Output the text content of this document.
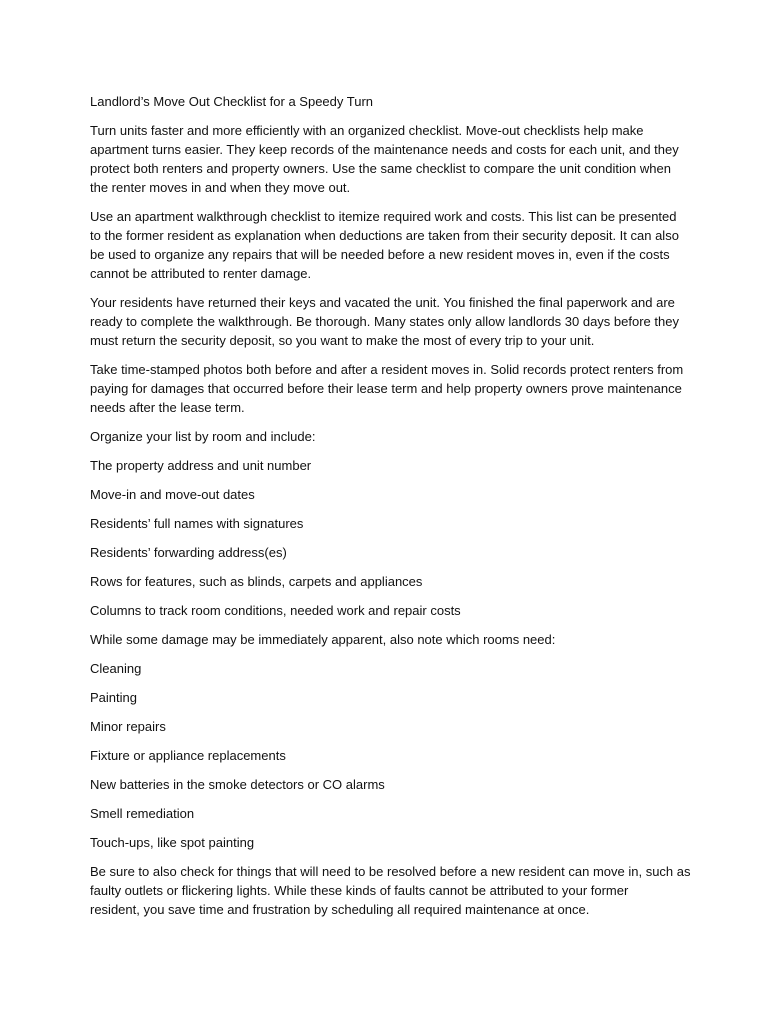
Landlord’s Move Out Checklist for a Speedy Turn
Turn units faster and more efficiently with an organized checklist. Move-out checklists help make
apartment turns easier. They keep records of the maintenance needs and costs for each unit, and they
protect both renters and property owners. Use the same checklist to compare the unit condition when
the renter moves in and when they move out.
Use an apartment walkthrough checklist to itemize required work and costs. This list can be presented
to the former resident as explanation when deductions are taken from their security deposit. It can also
be used to organize any repairs that will be needed before a new resident moves in, even if the costs
cannot be attributed to renter damage.
Your residents have returned their keys and vacated the unit. You finished the final paperwork and are
ready to complete the walkthrough. Be thorough. Many states only allow landlords 30 days before they
must return the security deposit, so you want to make the most of every trip to your unit.
Take time-stamped photos both before and after a resident moves in. Solid records protect renters from
paying for damages that occurred before their lease term and help property owners prove maintenance
needs after the lease term.
Organize your list by room and include:
The property address and unit number
Move-in and move-out dates
Residents’ full names with signatures
Residents’ forwarding address(es)
Rows for features, such as blinds, carpets and appliances
Columns to track room conditions, needed work and repair costs
While some damage may be immediately apparent, also note which rooms need:
Cleaning
Painting
Minor repairs
Fixture or appliance replacements
New batteries in the smoke detectors or CO alarms
Smell remediation
Touch-ups, like spot painting
Be sure to also check for things that will need to be resolved before a new resident can move in, such as
faulty outlets or flickering lights. While these kinds of faults cannot be attributed to your former
resident, you save time and frustration by scheduling all required maintenance at once.
